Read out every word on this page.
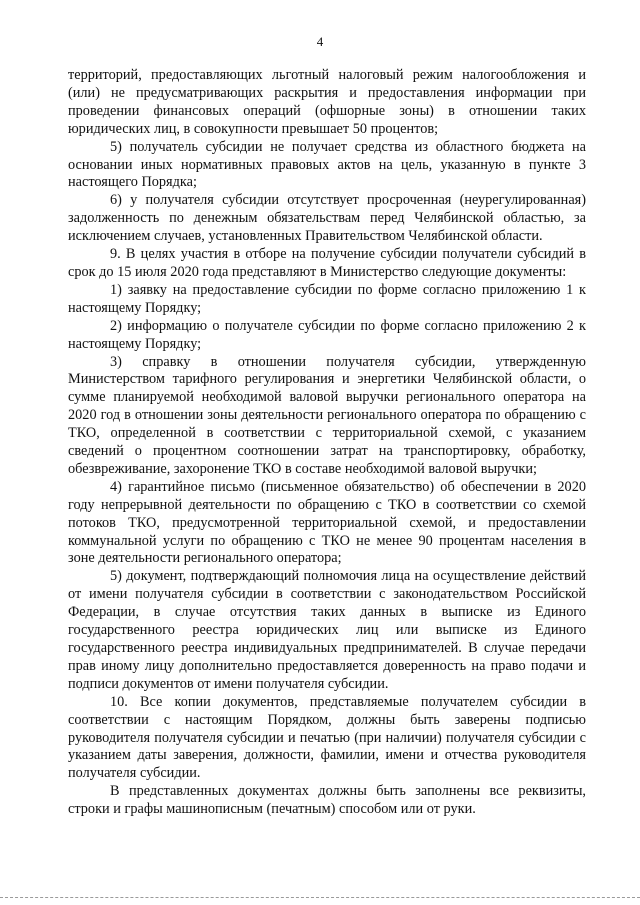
4

территорий, предоставляющих льготный налоговый режим налогообложения и (или) не предусматривающих раскрытия и предоставления информации при проведении финансовых операций (офшорные зоны) в отношении таких юридических лиц, в совокупности превышает 50 процентов;

5) получатель субсидии не получает средства из областного бюджета на основании иных нормативных правовых актов на цель, указанную в пункте 3 настоящего Порядка;

6) у получателя субсидии отсутствует просроченная (неурегулированная) задолженность по денежным обязательствам перед Челябинской областью, за исключением случаев, установленных Правительством Челябинской области.

9. В целях участия в отборе на получение субсидии получатели субсидий в срок до 15 июля 2020 года представляют в Министерство следующие документы:

1) заявку на предоставление субсидии по форме согласно приложению 1 к настоящему Порядку;

2) информацию о получателе субсидии по форме согласно приложению 2 к настоящему Порядку;

3) справку в отношении получателя субсидии, утвержденную Министерством тарифного регулирования и энергетики Челябинской области, о сумме планируемой необходимой валовой выручки регионального оператора на 2020 год в отношении зоны деятельности регионального оператора по обращению с ТКО, определенной в соответствии с территориальной схемой, с указанием сведений о процентном соотношении затрат на транспортировку, обработку, обезвреживание, захоронение ТКО в составе необходимой валовой выручки;

4) гарантийное письмо (письменное обязательство) об обеспечении в 2020 году непрерывной деятельности по обращению с ТКО в соответствии со схемой потоков ТКО, предусмотренной территориальной схемой, и предоставлении коммунальной услуги по обращению с ТКО не менее 90 процентам населения в зоне деятельности регионального оператора;

5) документ, подтверждающий полномочия лица на осуществление действий от имени получателя субсидии в соответствии с законодательством Российской Федерации, в случае отсутствия таких данных в выписке из Единого государственного реестра юридических лиц или выписке из Единого государственного реестра индивидуальных предпринимателей. В случае передачи прав иному лицу дополнительно предоставляется доверенность на право подачи и подписи документов от имени получателя субсидии.

10. Все копии документов, представляемые получателем субсидии в соответствии с настоящим Порядком, должны быть заверены подписью руководителя получателя субсидии и печатью (при наличии) получателя субсидии с указанием даты заверения, должности, фамилии, имени и отчества руководителя получателя субсидии.

В представленных документах должны быть заполнены все реквизиты, строки и графы машинописным (печатным) способом или от руки.
